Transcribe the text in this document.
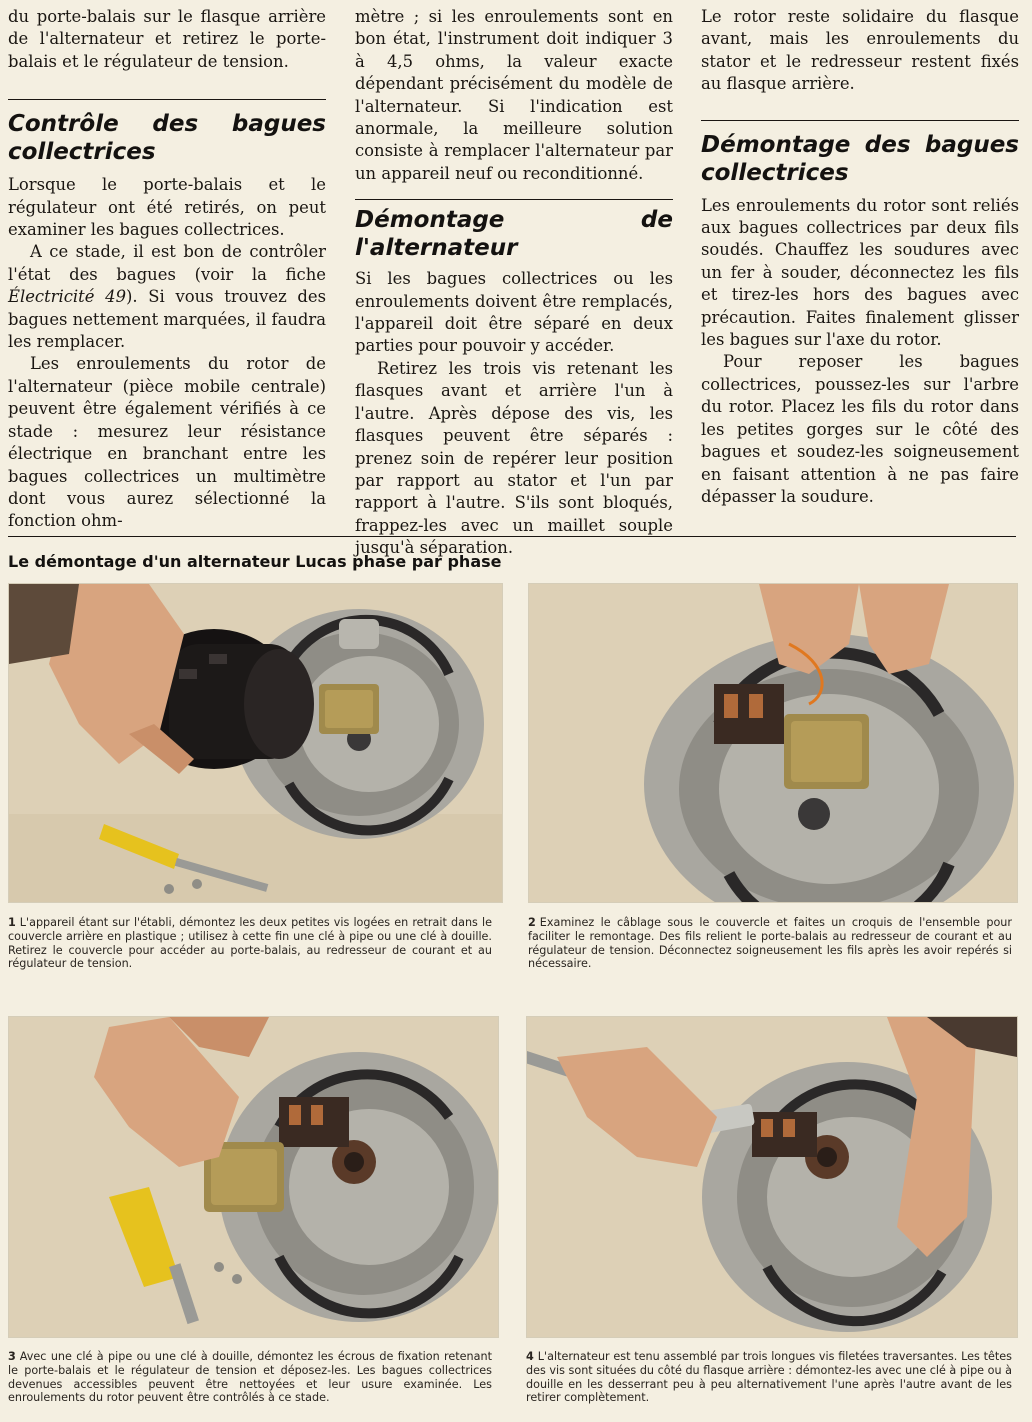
du porte-balais sur le flasque arrière de l'alternateur et retirez le porte-balais et le régulateur de tension.

Contrôle des bagues collectrices

Lorsque le porte-balais et le régulateur ont été retirés, on peut examiner les bagues collectrices.

A ce stade, il est bon de contrôler l'état des bagues (voir la fiche Électricité 49). Si vous trouvez des bagues nettement marquées, il faudra les remplacer.

Les enroulements du rotor de l'alternateur (pièce mobile centrale) peuvent être également vérifiés à ce stade : mesurez leur résistance électrique en branchant entre les bagues collectrices un multimètre dont vous aurez sélectionné la fonction ohm-

mètre ; si les enroulements sont en bon état, l'instrument doit indiquer 3 à 4,5 ohms, la valeur exacte dépendant précisément du modèle de l'alternateur. Si l'indication est anormale, la meilleure solution consiste à remplacer l'alternateur par un appareil neuf ou reconditionné.

Démontage de l'alternateur

Si les bagues collectrices ou les enroulements doivent être remplacés, l'appareil doit être séparé en deux parties pour pouvoir y accéder.

Retirez les trois vis retenant les flasques avant et arrière l'un à l'autre. Après dépose des vis, les flasques peuvent être séparés : prenez soin de repérer leur position par rapport au stator et l'un par rapport à l'autre. S'ils sont bloqués, frappez-les avec un maillet souple jusqu'à séparation.

Le rotor reste solidaire du flasque avant, mais les enroulements du stator et le redresseur restent fixés au flasque arrière.

Démontage des bagues collectrices

Les enroulements du rotor sont reliés aux bagues collectrices par deux fils soudés. Chauffez les soudures avec un fer à souder, déconnectez les fils et tirez-les hors des bagues avec précaution. Faites finalement glisser les bagues sur l'axe du rotor.

Pour reposer les bagues collectrices, poussez-les sur l'arbre du rotor. Placez les fils du rotor dans les petites gorges sur le côté des bagues et soudez-les soigneusement en faisant attention à ne pas faire dépasser la soudure.

Le démontage d'un alternateur Lucas phase par phase
1 L'appareil étant sur l'établi, démontez les deux petites vis logées en retrait dans le couvercle arrière en plastique ; utilisez à cette fin une clé à pipe ou une clé à douille. Retirez le couvercle pour accéder au porte-balais, au redresseur de courant et au régulateur de tension.
2 Examinez le câblage sous le couvercle et faites un croquis de l'ensemble pour faciliter le remontage. Des fils relient le porte-balais au redresseur de courant et au régulateur de tension. Déconnectez soigneusement les fils après les avoir repérés si nécessaire.
3 Avec une clé à pipe ou une clé à douille, démontez les écrous de fixation retenant le porte-balais et le régulateur de tension et déposez-les. Les bagues collectrices devenues accessibles peuvent être nettoyées et leur usure examinée. Les enroulements du rotor peuvent être contrôlés à ce stade.
4 L'alternateur est tenu assemblé par trois longues vis filetées traversantes. Les têtes des vis sont situées du côté du flasque arrière : démontez-les avec une clé à pipe ou à douille en les desserrant peu à peu alternativement l'une après l'autre avant de les retirer complètement.
